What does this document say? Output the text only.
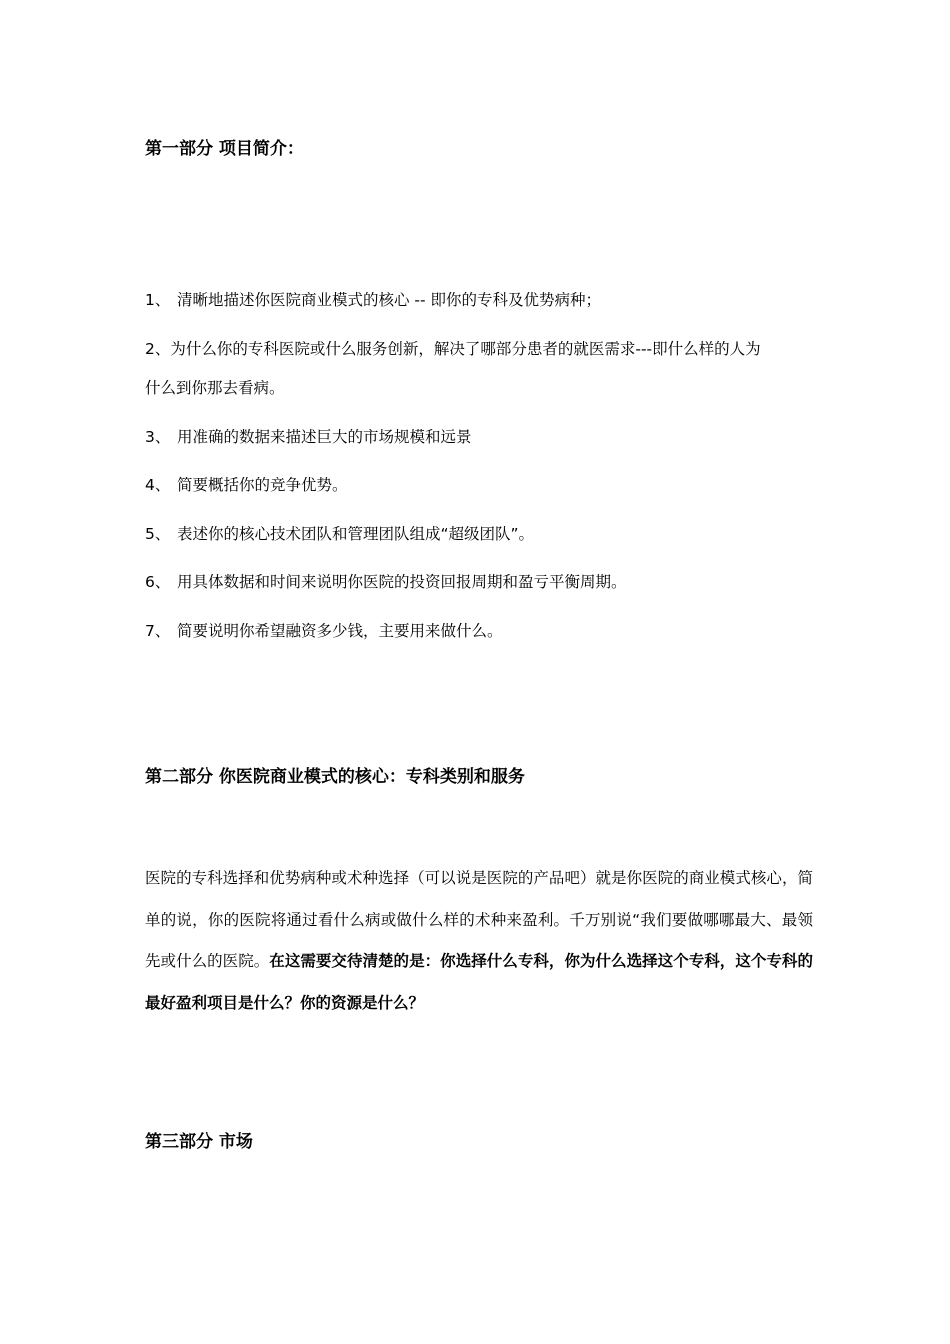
第一部分 项目简介：
1、 清晰地描述你医院商业模式的核心 -- 即你的专科及优势病种；
2、为什么你的专科医院或什么服务创新，解决了哪部分患者的就医需求---即什么样的人为
什么到你那去看病。
3、 用准确的数据来描述巨大的市场规模和远景
4、 简要概括你的竞争优势。
5、 表述你的核心技术团队和管理团队组成“超级团队”。
6、 用具体数据和时间来说明你医院的投资回报周期和盈亏平衡周期。
7、 简要说明你希望融资多少钱，主要用来做什么。
第二部分 你医院商业模式的核心：专科类别和服务
医院的专科选择和优势病种或术种选择（可以说是医院的产品吧）就是你医院的商业模式核心，简单的说，你的医院将通过看什么病或做什么样的术种来盈利。千万别说“我们要做哪哪最大、最领先或什么的医院。在这需要交待清楚的是：你选择什么专科，你为什么选择这个专科，这个专科的最好盈利项目是什么？你的资源是什么？
第三部分 市场
